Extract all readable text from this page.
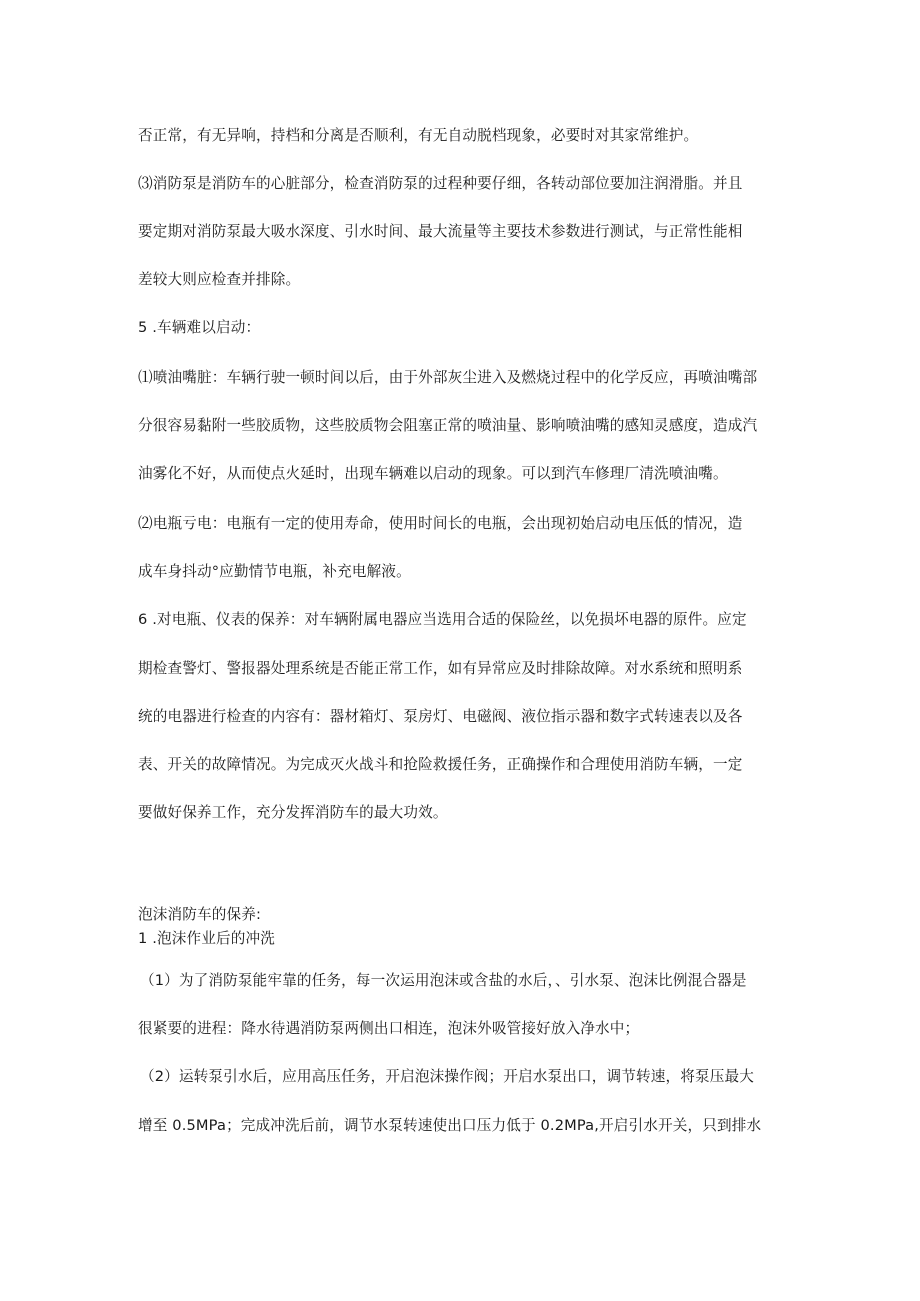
否正常，有无异响，持档和分离是否顺利，有无自动脱档现象，必要时对其家常维护。

⑶消防泵是消防车的心脏部分，检查消防泵的过程种要仔细，各转动部位要加注润滑脂。并且

要定期对消防泵最大吸水深度、引水时间、最大流量等主要技术参数进行测试，与正常性能相

差较大则应检查并排除。

5 .车辆难以启动：

⑴喷油嘴脏：车辆行驶一顿时间以后，由于外部灰尘进入及燃烧过程中的化学反应，再喷油嘴部

分很容易黏附一些胶质物，这些胶质物会阻塞正常的喷油量、影响喷油嘴的感知灵感度，造成汽

油雾化不好，从而使点火延时，出现车辆难以启动的现象。可以到汽车修理厂清洗喷油嘴。

⑵电瓶亏电：电瓶有一定的使用寿命，使用时间长的电瓶，会出现初始启动电压低的情况，造

成车身抖动°应勤情节电瓶，补充电解液。

6 .对电瓶、仪表的保养：对车辆附属电器应当选用合适的保险丝，以免损坏电器的原件。应定

期检查警灯、警报器处理系统是否能正常工作，如有异常应及时排除故障。对水系统和照明系

统的电器进行检查的内容有：器材箱灯、泵房灯、电磁阀、液位指示器和数字式转速表以及各

表、开关的故障情况。为完成灭火战斗和抢险救援任务，正确操作和合理使用消防车辆，一定

要做好保养工作，充分发挥消防车的最大功效。

泡沫消防车的保养:

1 .泡沫作业后的冲洗

（1）为了消防泵能牢靠的任务，每一次运用泡沫或含盐的水后，、引水泵、泡沫比例混合器是

很紧要的进程：降水待遇消防泵两侧出口相连，泡沫外吸管接好放入净水中；

（2）运转泵引水后，应用高压任务，开启泡沫操作阀；开启水泵出口，调节转速，将泵压最大

增至 0.5MPa；完成冲洗后前，调节水泵转速使出口压力低于 0.2MPa,开启引水开关，只到排水
